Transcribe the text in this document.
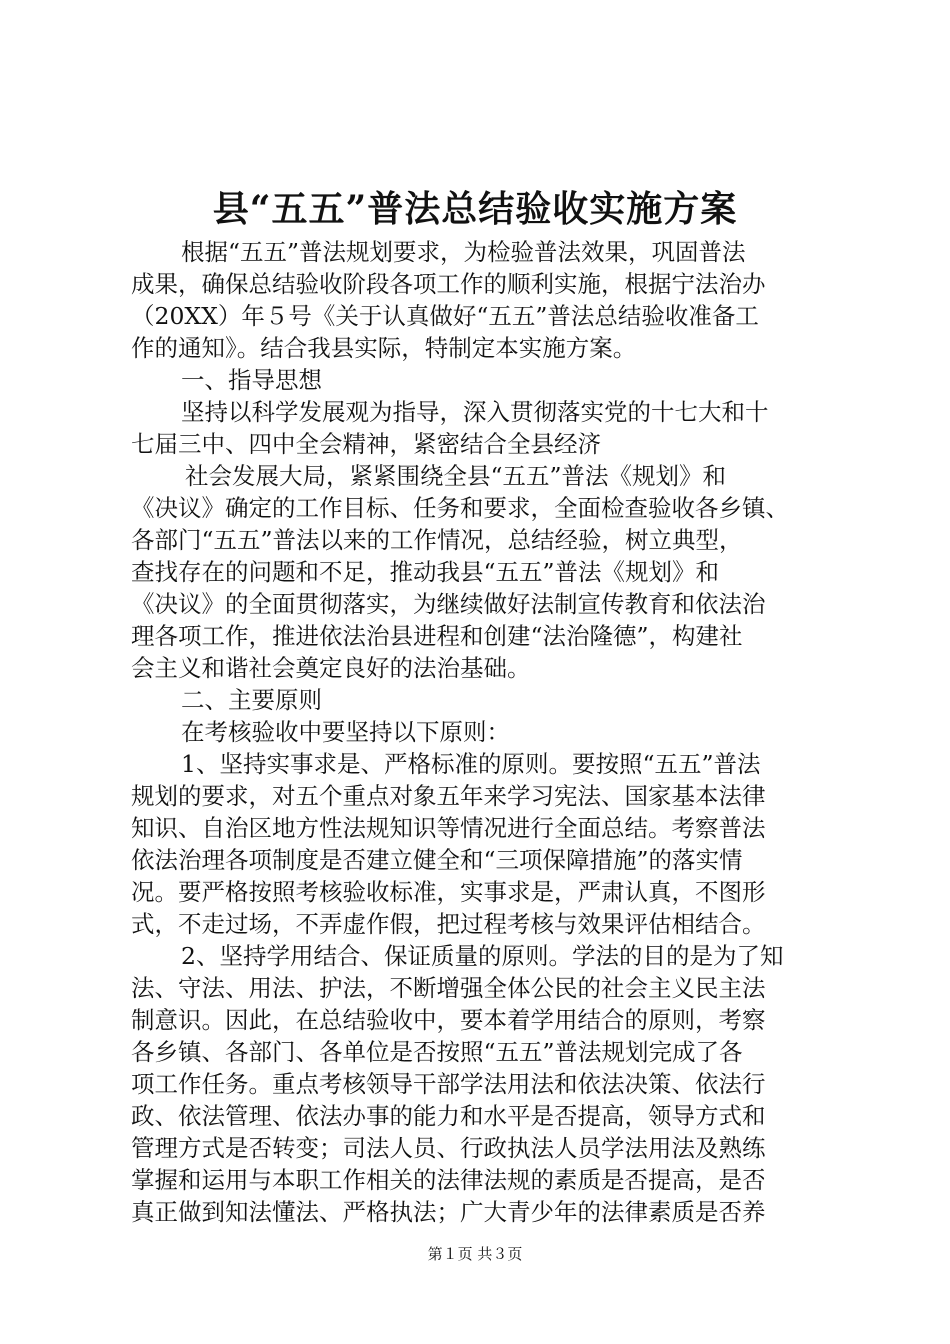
县“五五”普法总结验收实施方案
根据“五五”普法规划要求，为检验普法效果，巩固普法
成果，确保总结验收阶段各项工作的顺利实施，根据宁法治办
（20XX）年５号《关于认真做好“五五”普法总结验收准备工
作的通知》。结合我县实际，特制定本实施方案。
一、指导思想
坚持以科学发展观为指导，深入贯彻落实党的十七大和十
七届三中、四中全会精神，紧密结合全县经济
社会发展大局，紧紧围绕全县“五五”普法《规划》和
《决议》确定的工作目标、任务和要求，全面检查验收各乡镇、
各部门“五五”普法以来的工作情况，总结经验，树立典型，
查找存在的问题和不足，推动我县“五五”普法《规划》和
《决议》的全面贯彻落实，为继续做好法制宣传教育和依法治
理各项工作，推进依法治县进程和创建“法治隆德”，构建社
会主义和谐社会奠定良好的法治基础。
二、主要原则
在考核验收中要坚持以下原则：
1、坚持实事求是、严格标准的原则。要按照“五五”普法
规划的要求，对五个重点对象五年来学习宪法、国家基本法律
知识、自治区地方性法规知识等情况进行全面总结。考察普法
依法治理各项制度是否建立健全和“三项保障措施”的落实情
况。要严格按照考核验收标准，实事求是，严肃认真，不图形
式，不走过场，不弄虚作假，把过程考核与效果评估相结合。
2、坚持学用结合、保证质量的原则。学法的目的是为了知
法、守法、用法、护法，不断增强全体公民的社会主义民主法
制意识。因此，在总结验收中，要本着学用结合的原则，考察
各乡镇、各部门、各单位是否按照“五五”普法规划完成了各
项工作任务。重点考核领导干部学法用法和依法决策、依法行
政、依法管理、依法办事的能力和水平是否提高，领导方式和
管理方式是否转变；司法人员、行政执法人员学法用法及熟练
掌握和运用与本职工作相关的法律法规的素质是否提高，是否
真正做到知法懂法、严格执法；广大青少年的法律素质是否养
第１页 共３页
